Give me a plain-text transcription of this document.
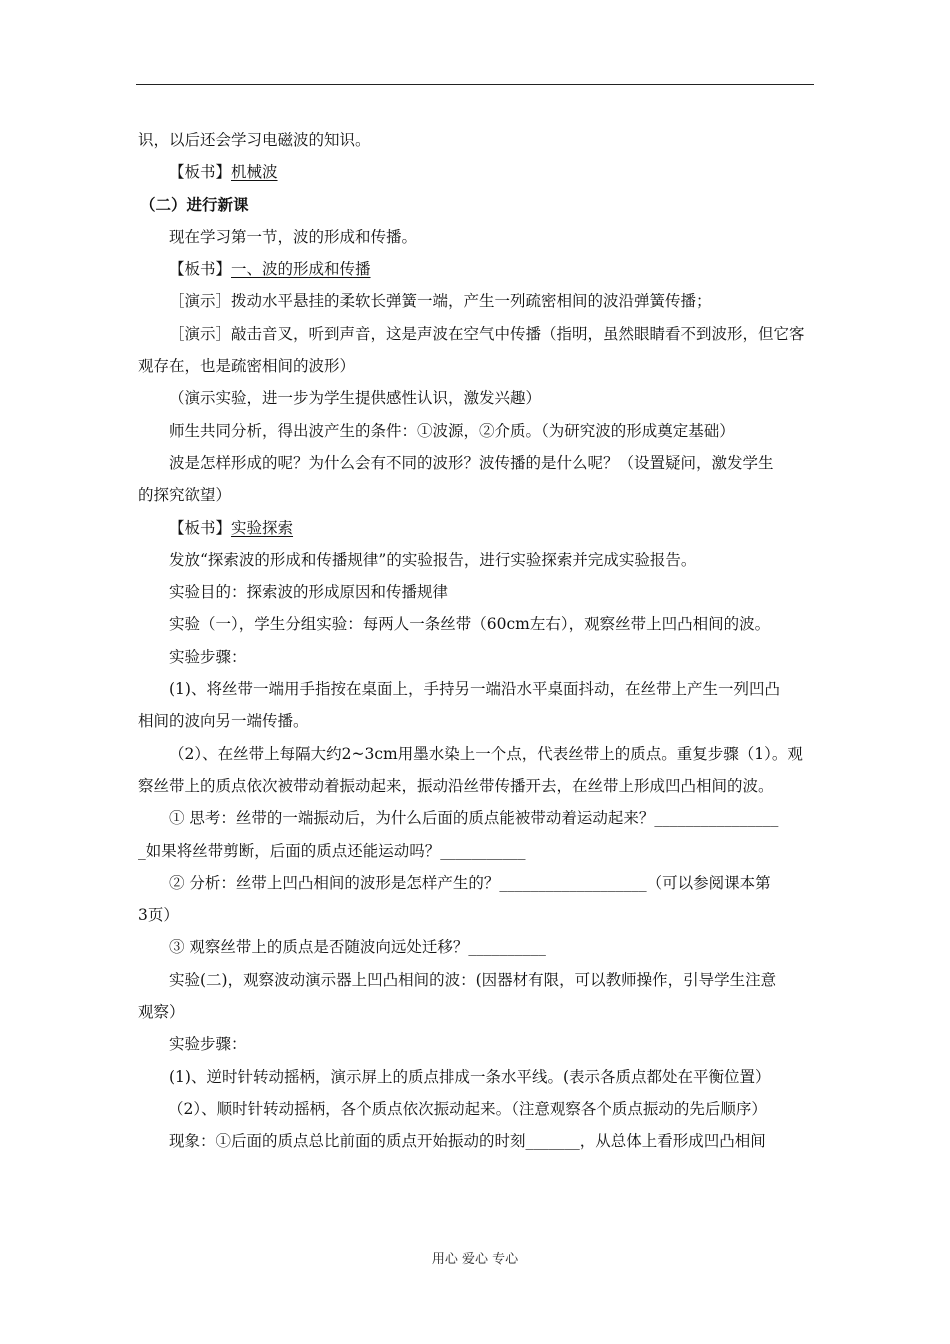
识，以后还会学习电磁波的知识。

【板书】机械波

（二）进行新课

现在学习第一节，波的形成和传播。

【板书】一、波的形成和传播

［演示］拨动水平悬挂的柔软长弹簧一端，产生一列疏密相间的波沿弹簧传播；

［演示］敲击音叉，听到声音，这是声波在空气中传播（指明，虽然眼睛看不到波形，但它客

观存在，也是疏密相间的波形）

（演示实验，进一步为学生提供感性认识，激发兴趣）

师生共同分析，得出波产生的条件：①波源，②介质。（为研究波的形成奠定基础）

波是怎样形成的呢？为什么会有不同的波形？波传播的是什么呢？（设置疑问，激发学生

的探究欲望）

【板书】实验探索

发放“探索波的形成和传播规律”的实验报告，进行实验探索并完成实验报告。

实验目的：探索波的形成原因和传播规律

实验（一），学生分组实验：每两人一条丝带（60cm左右），观察丝带上凹凸相间的波。

实验步骤：

(1)、将丝带一端用手指按在桌面上，手持另一端沿水平桌面抖动，在丝带上产生一列凹凸

相间的波向另一端传播。

（2）、在丝带上每隔大约2~3cm用墨水染上一个点，代表丝带上的质点。重复步骤（1）。观

察丝带上的质点依次被带动着振动起来，振动沿丝带传播开去，在丝带上形成凹凸相间的波。

① 思考：丝带的一端振动后，为什么后面的质点能被带动着运动起来？________________

_如果将丝带剪断，后面的质点还能运动吗？___________

② 分析：丝带上凹凸相间的波形是怎样产生的？___________________（可以参阅课本第

3页）

③ 观察丝带上的质点是否随波向远处迁移？__________

实验(二)，观察波动演示器上凹凸相间的波：(因器材有限，可以教师操作，引导学生注意

观察）

实验步骤：

(1)、逆时针转动摇柄，演示屏上的质点排成一条水平线。(表示各质点都处在平衡位置）

（2）、顺时针转动摇柄，各个质点依次振动起来。（注意观察各个质点振动的先后顺序）

现象：①后面的质点总比前面的质点开始振动的时刻_______，从总体上看形成凹凸相间

用心 爱心 专心
